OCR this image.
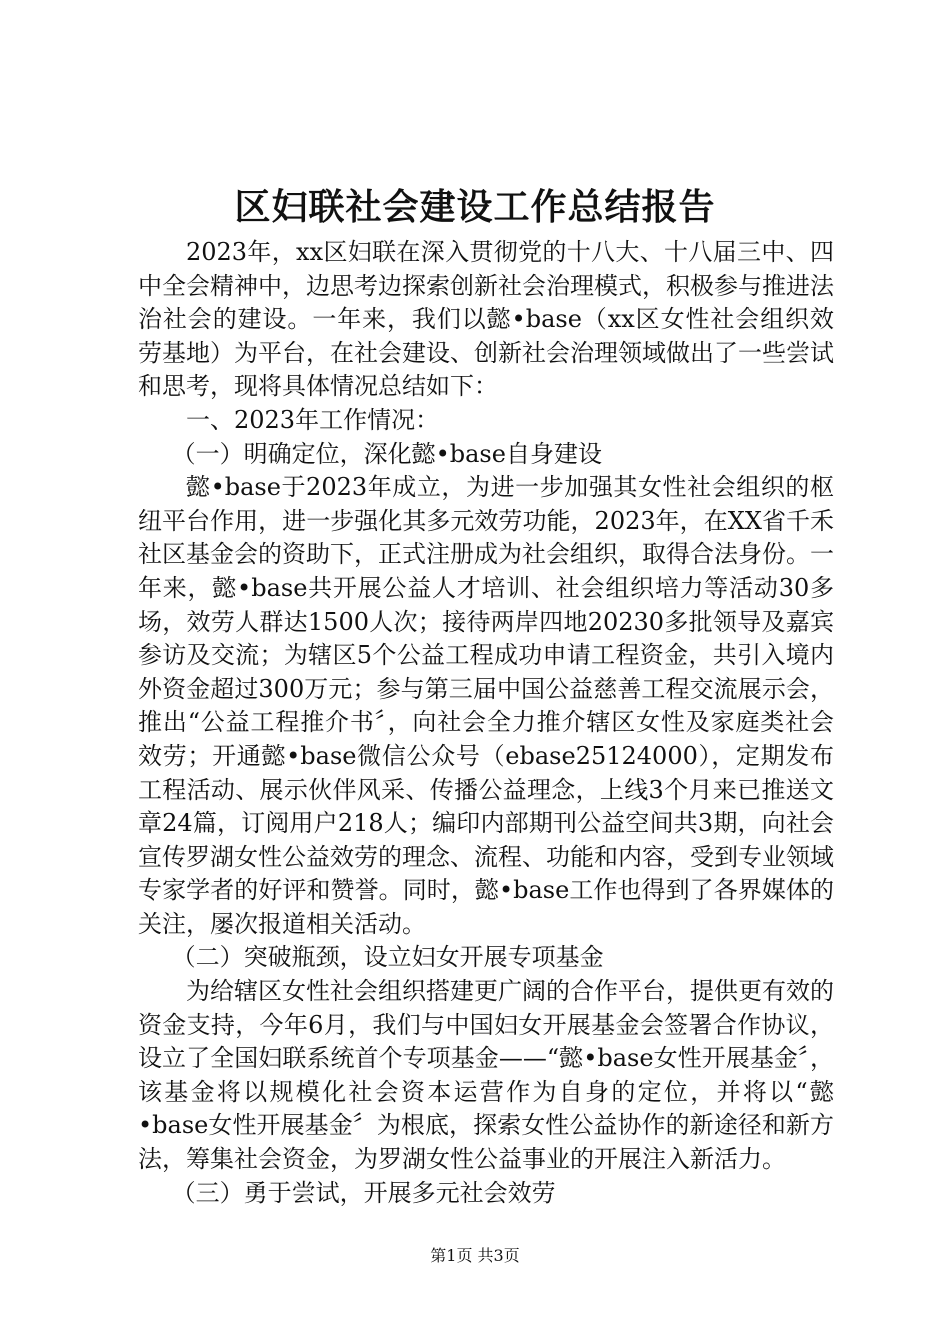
区妇联社会建设工作总结报告

2023年，xx区妇联在深入贯彻党的十八大、十八届三中、四中全会精神中，边思考边探索创新社会治理模式，积极参与推进法治社会的建设。一年来，我们以懿•base（xx区女性社会组织效劳基地）为平台，在社会建设、创新社会治理领域做出了一些尝试和思考，现将具体情况总结如下：

一、2023年工作情况：

（一）明确定位，深化懿•base自身建设

懿•base于2023年成立，为进一步加强其女性社会组织的枢纽平台作用，进一步强化其多元效劳功能，2023年，在XX省千禾社区基金会的资助下，正式注册成为社会组织，取得合法身份。一年来，懿•base共开展公益人才培训、社会组织培力等活动30多场，效劳人群达1500人次；接待两岸四地20230多批领导及嘉宾参访及交流；为辖区5个公益工程成功申请工程资金，共引入境内外资金超过300万元；参与第三届中国公益慈善工程交流展示会，推出“公益工程推介书〞，向社会全力推介辖区女性及家庭类社会效劳；开通懿•base微信公众号（ebase25124000），定期发布工程活动、展示伙伴风采、传播公益理念，上线3个月来已推送文章24篇，订阅用户218人；编印内部期刊公益空间共3期，向社会宣传罗湖女性公益效劳的理念、流程、功能和内容，受到专业领域专家学者的好评和赞誉。同时，懿•base工作也得到了各界媒体的关注，屡次报道相关活动。

（二）突破瓶颈，设立妇女开展专项基金

为给辖区女性社会组织搭建更广阔的合作平台，提供更有效的资金支持，今年6月，我们与中国妇女开展基金会签署合作协议，设立了全国妇联系统首个专项基金——“懿•base女性开展基金〞，该基金将以规模化社会资本运营作为自身的定位，并将以“懿•base女性开展基金〞为根底，探索女性公益协作的新途径和新方法，筹集社会资金，为罗湖女性公益事业的开展注入新活力。

（三）勇于尝试，开展多元社会效劳

第1页 共3页
